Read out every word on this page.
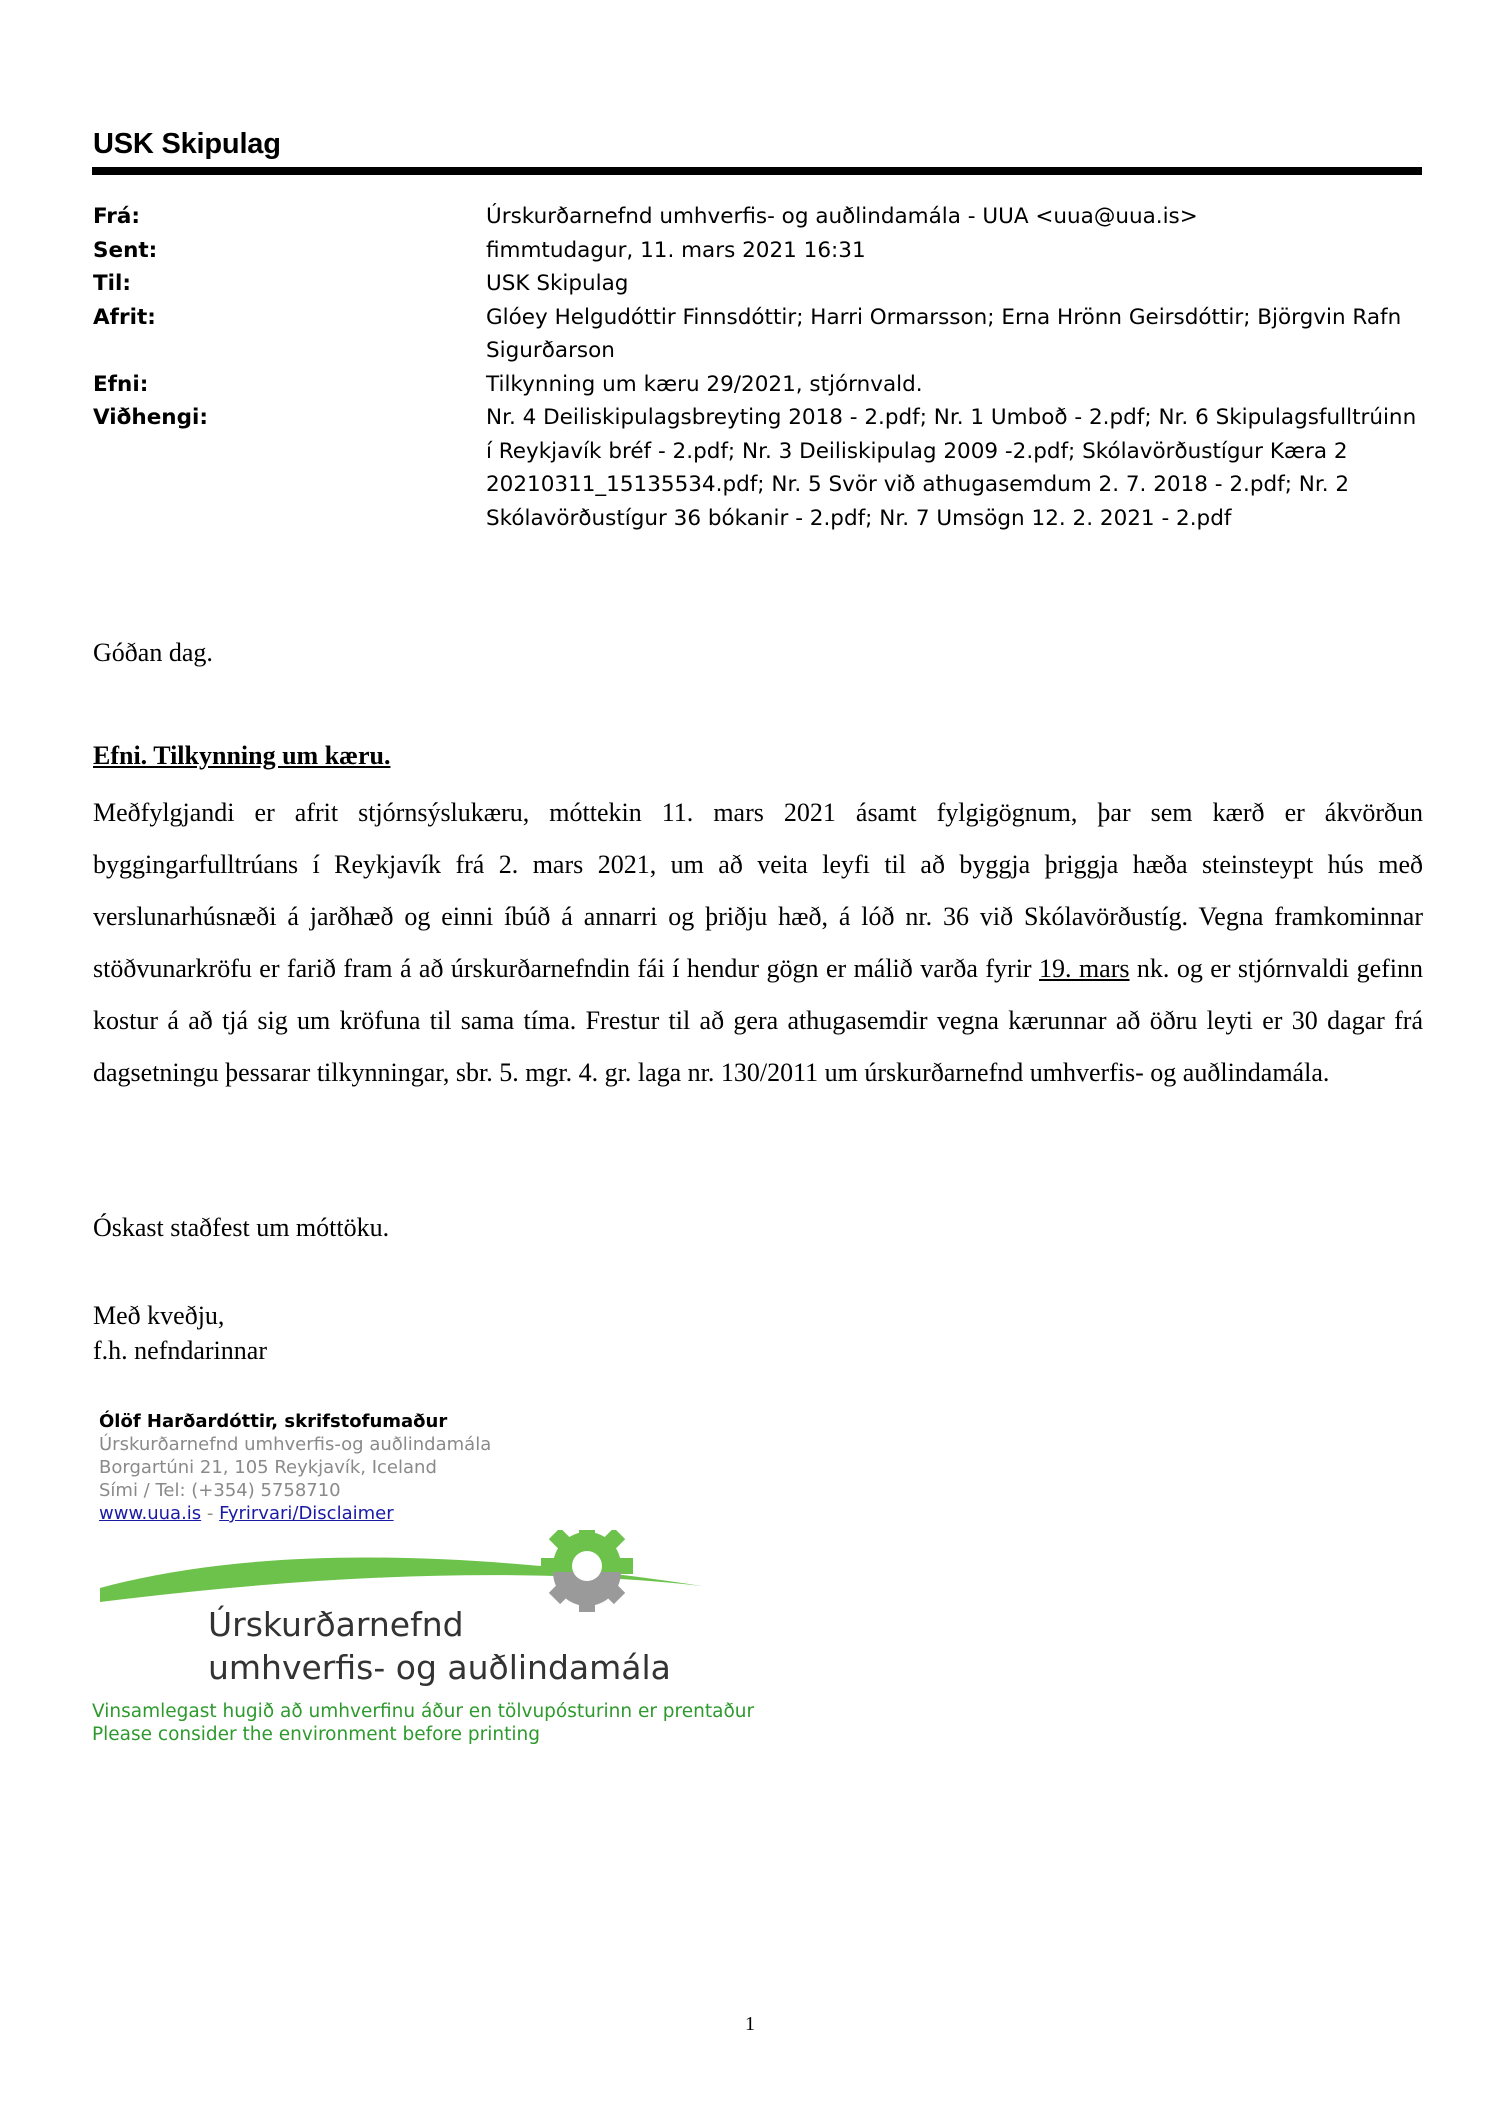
USK Skipulag
Frá:	Úrskurðarnefnd umhverfis- og auðlindamála - UUA <uua@uua.is>
Sent:	fimmtudagur, 11. mars 2021 16:31
Til:	USK Skipulag
Afrit:	Glóey Helgudóttir Finnsdóttir; Harri Ormarsson; Erna Hrönn Geirsdóttir; Björgvin Rafn Sigurðarson
Efni:	Tilkynning um kæru 29/2021, stjórnvald.
Viðhengi:	Nr. 4 Deiliskipulagsbreyting 2018 - 2.pdf; Nr. 1 Umboð - 2.pdf; Nr. 6 Skipulagsfulltrúinn í Reykjavík bréf - 2.pdf; Nr. 3 Deiliskipulag 2009 -2.pdf; Skólavörðustígur Kæra 2 20210311_15135534.pdf; Nr. 5 Svör við athugasemdum 2. 7. 2018 - 2.pdf; Nr. 2 Skólavörðustígur 36 bókanir - 2.pdf; Nr. 7 Umsögn 12. 2. 2021 - 2.pdf
Góðan dag.
Efni. Tilkynning um kæru.
Meðfylgjandi er afrit stjórnsýslukæru, móttekin 11. mars 2021 ásamt fylgigögnum, þar sem kærð er ákvörðun byggingarfulltrúans í Reykjavík frá 2. mars 2021, um að veita leyfi til að byggja þriggja hæða steinsteypt hús með verslunarhúsnæði á jarðhæð og einni íbúð á annarri og þriðju hæð, á lóð nr. 36 við Skólavörðustíg. Vegna framkominnar stöðvunarkröfu er farið fram á að úrskurðarnefndin fái í hendur gögn er málið varða fyrir 19. mars nk. og er stjórnvaldi gefinn kostur á að tjá sig um kröfuna til sama tíma. Frestur til að gera athugasemdir vegna kærunnar að öðru leyti er 30 dagar frá dagsetningu þessarar tilkynningar, sbr. 5. mgr. 4. gr. laga nr. 130/2011 um úrskurðarnefnd umhverfis- og auðlindamála.
Óskast staðfest um móttöku.
Með kveðju,
f.h. nefndarinnar
Ólöf Harðardóttir, skrifstofumaður
Úrskurðarnefnd umhverfis-og auðlindamála
Borgartúni 21, 105 Reykjavík, Iceland
Sími / Tel: (+354) 5758710
www.uua.is - Fyrirvari/Disclaimer
Úrskurðarnefnd
umhverfis- og auðlindamála
Vinsamlegast hugið að umhverfinu áður en tölvupósturinn er prentaður
Please consider the environment before printing
1
